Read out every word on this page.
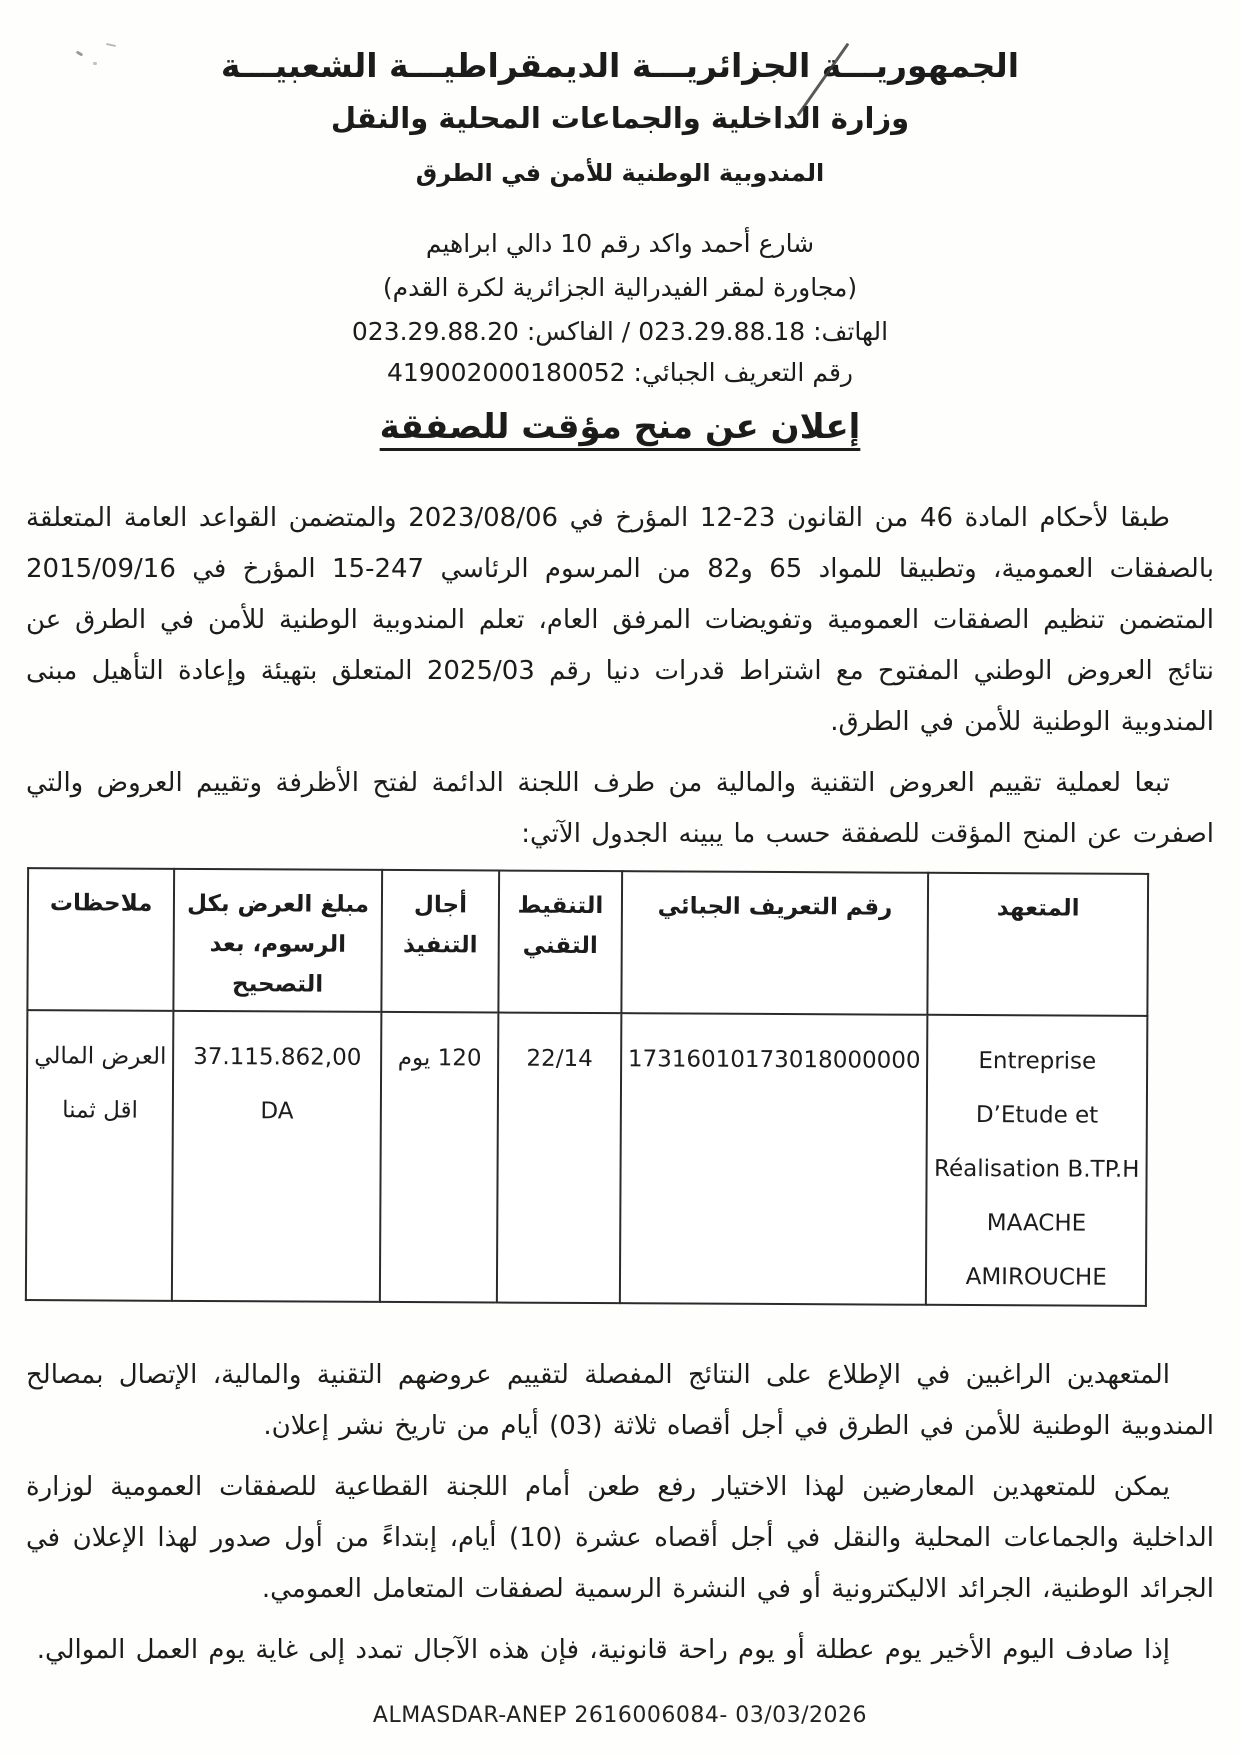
الجمهوريـــة الجزائريـــة الديمقراطيـــة الشعبيـــة
وزارة الداخلية والجماعات المحلية والنقل
المندوبية الوطنية للأمن في الطرق
شارع أحمد واكد رقم 10 دالي ابراهيم
(مجاورة لمقر الفيدرالية الجزائرية لكرة القدم)
الهاتف: 023.29.88.18 / الفاكس: 023.29.88.20
رقم التعريف الجبائي: 419002000180052
إعلان عن منح مؤقت للصفقة

طبقا لأحكام المادة 46 من القانون 23-12 المؤرخ في 2023/08/06 والمتضمن القواعد العامة المتعلقة بالصفقات العمومية، وتطبيقا للمواد 65 و82 من المرسوم الرئاسي 247-15 المؤرخ في 2015/09/16 المتضمن تنظيم الصفقات العمومية وتفويضات المرفق العام، تعلم المندوبية الوطنية للأمن في الطرق عن نتائج العروض الوطني المفتوح مع اشتراط قدرات دنيا رقم 2025/03 المتعلق بتهيئة وإعادة التأهيل مبنى المندوبية الوطنية للأمن في الطرق.

تبعا لعملية تقييم العروض التقنية والمالية من طرف اللجنة الدائمة لفتح الأظرفة وتقييم العروض والتي اصفرت عن المنح المؤقت للصفقة حسب ما يبينه الجدول الآتي:

المتعهد	رقم التعريف الجبائي	التنقيط التقني	أجال التنفيذ	مبلغ العرض بكل الرسوم، بعد التصحيح	ملاحظات
Entreprise D’Etude et Réalisation B.TP.H MAACHE AMIROUCHE	17316010173018000000	22/14	120 يوم	37.115.862,00 DA	العرض المالي اقل ثمنا

المتعهدين الراغبين في الإطلاع على النتائج المفصلة لتقييم عروضهم التقنية والمالية، الإتصال بمصالح المندوبية الوطنية للأمن في الطرق في أجل أقصاه ثلاثة (03) أيام من تاريخ نشر إعلان.

يمكن للمتعهدين المعارضين لهذا الاختيار رفع طعن أمام اللجنة القطاعية للصفقات العمومية لوزارة الداخلية والجماعات المحلية والنقل في أجل أقصاه عشرة (10) أيام، إبتداءً من أول صدور لهذا الإعلان في الجرائد الوطنية، الجرائد الاليكترونية أو في النشرة الرسمية لصفقات المتعامل العمومي.

إذا صادف اليوم الأخير يوم عطلة أو يوم راحة قانونية، فإن هذه الآجال تمدد إلى غاية يوم العمل الموالي.

ALMASDAR-ANEP 2616006084- 03/03/2026
